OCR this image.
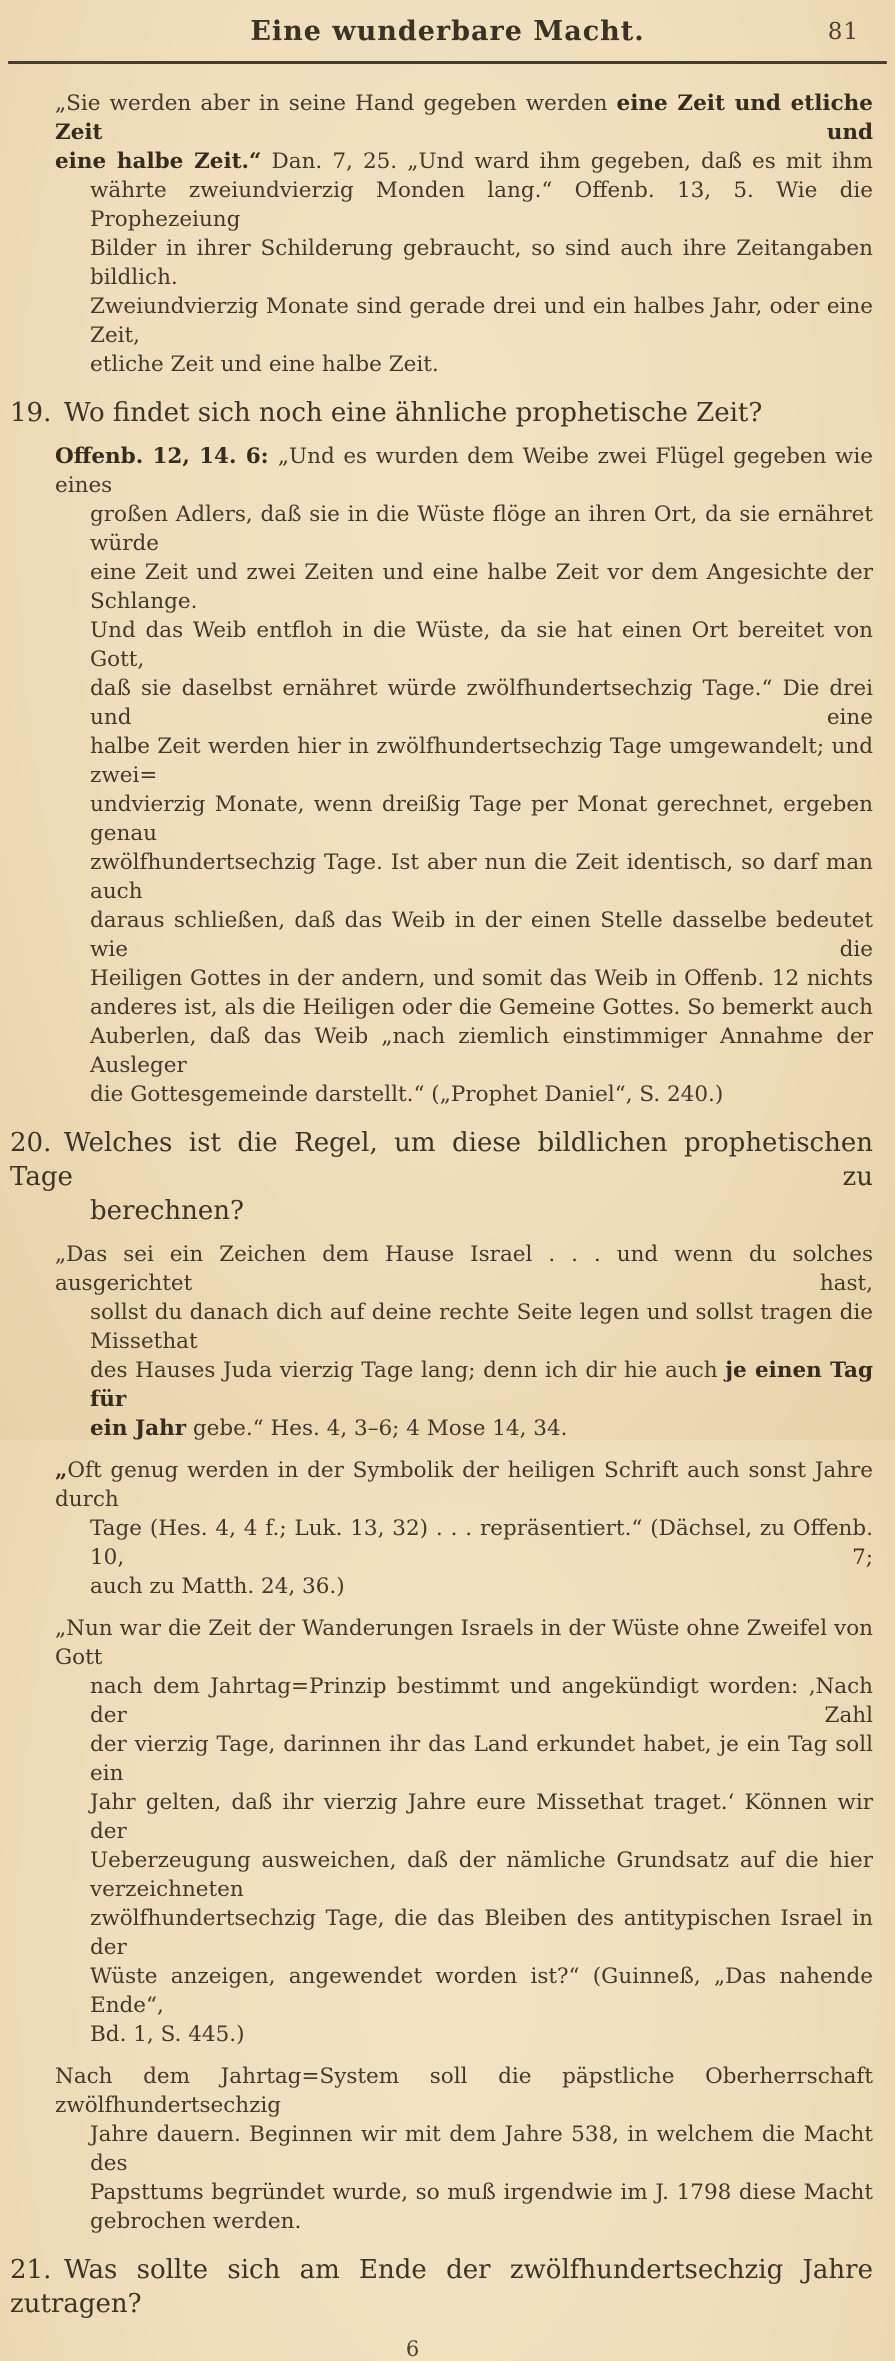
Eine wunderbare Macht.	81
„Sie werden aber in seine Hand gegeben werden eine Zeit und etliche Zeit und
eine halbe Zeit.“ Dan. 7, 25. „Und ward ihm gegeben, daß es mit ihm
währte zweiundvierzig Monden lang.“ Offenb. 13, 5. Wie die Prophezeiung
Bilder in ihrer Schilderung gebraucht, so sind auch ihre Zeitangaben bildlich.
Zweiundvierzig Monate sind gerade drei und ein halbes Jahr, oder eine Zeit,
etliche Zeit und eine halbe Zeit.
19.Wo findet sich noch eine ähnliche prophetische Zeit?
Offenb. 12, 14. 6: „Und es wurden dem Weibe zwei Flügel gegeben wie eines
großen Adlers, daß sie in die Wüste flöge an ihren Ort, da sie ernähret würde
eine Zeit und zwei Zeiten und eine halbe Zeit vor dem Angesichte der Schlange.
Und das Weib entfloh in die Wüste, da sie hat einen Ort bereitet von Gott,
daß sie daselbst ernähret würde zwölfhundertsechzig Tage.“ Die drei und eine
halbe Zeit werden hier in zwölfhundertsechzig Tage umgewandelt; und zwei=
undvierzig Monate, wenn dreißig Tage per Monat gerechnet, ergeben genau
zwölfhundertsechzig Tage. Ist aber nun die Zeit identisch, so darf man auch
daraus schließen, daß das Weib in der einen Stelle dasselbe bedeutet wie die
Heiligen Gottes in der andern, und somit das Weib in Offenb. 12 nichts
anderes ist, als die Heiligen oder die Gemeine Gottes. So bemerkt auch
Auberlen, daß das Weib „nach ziemlich einstimmiger Annahme der Ausleger
die Gottesgemeinde darstellt.“ („Prophet Daniel“, S. 240.)
20.Welches ist die Regel, um diese bildlichen prophetischen Tage zu
berechnen?
„Das sei ein Zeichen dem Hause Israel . . . und wenn du solches ausgerichtet hast,
sollst du danach dich auf deine rechte Seite legen und sollst tragen die Missethat
des Hauses Juda vierzig Tage lang; denn ich dir hie auch je einen Tag für
ein Jahr gebe.“ Hes. 4, 3–6; 4 Mose 14, 34.
„Oft genug werden in der Symbolik der heiligen Schrift auch sonst Jahre durch
Tage (Hes. 4, 4 f.; Luk. 13, 32) . . . repräsentiert.“ (Dächsel, zu Offenb. 10, 7;
auch zu Matth. 24, 36.)
„Nun war die Zeit der Wanderungen Israels in der Wüste ohne Zweifel von Gott
nach dem Jahrtag=Prinzip bestimmt und angekündigt worden: ‚Nach der Zahl
der vierzig Tage, darinnen ihr das Land erkundet habet, je ein Tag soll ein
Jahr gelten, daß ihr vierzig Jahre eure Missethat traget.‘ Können wir der
Ueberzeugung ausweichen, daß der nämliche Grundsatz auf die hier verzeichneten
zwölfhundertsechzig Tage, die das Bleiben des antitypischen Israel in der
Wüste anzeigen, angewendet worden ist?“ (Guinneß, „Das nahende Ende“,
Bd. 1, S. 445.)
Nach dem Jahrtag=System soll die päpstliche Oberherrschaft zwölfhundertsechzig
Jahre dauern. Beginnen wir mit dem Jahre 538, in welchem die Macht des
Papsttums begründet wurde, so muß irgendwie im J. 1798 diese Macht
gebrochen werden.
21.Was sollte sich am Ende der zwölfhundertsechzig Jahre zutragen?
6
